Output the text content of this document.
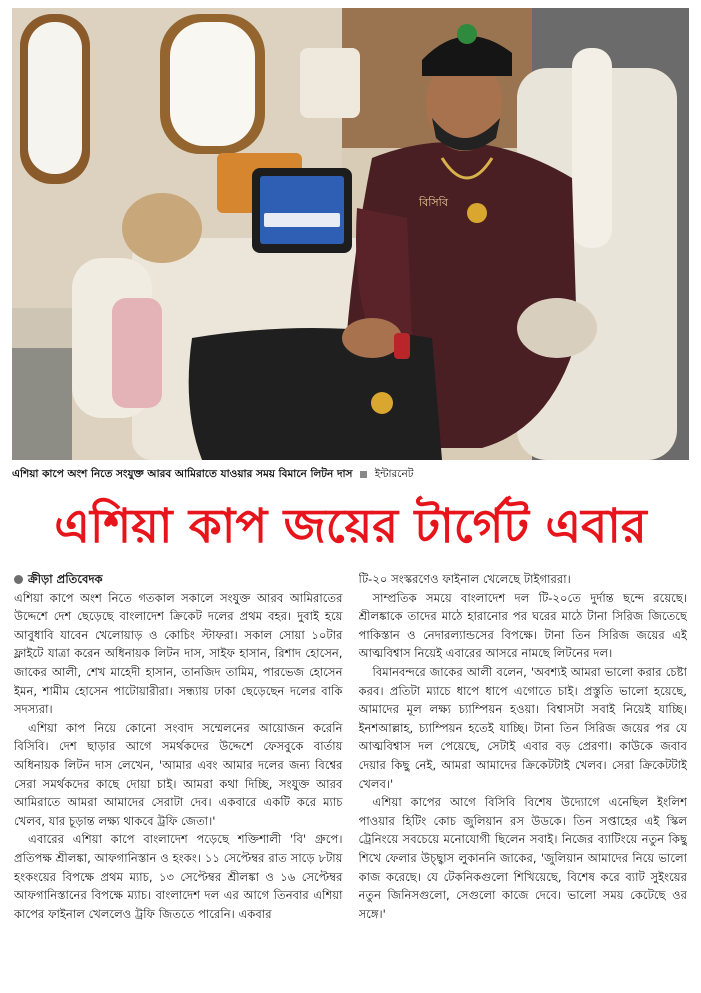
বিসিবি
এশিয়া কাপে অংশ নিতে সংযুক্ত আরব আমিরাতে যাওয়ার সময় বিমানে লিটন দাস ইন্টারনেট
এশিয়া কাপ জয়ের টার্গেট এবার
ক্রীড়া প্রতিবেদক

এশিয়া কাপে অংশ নিতে গতকাল সকালে সংযুক্ত আরব আমিরাতের উদ্দেশে দেশ ছেড়েছে বাংলাদেশ ক্রিকেট দলের প্রথম বহর। দুবাই হয়ে আবুধাবি যাবেন খেলোয়াড় ও কোচিং স্টাফরা। সকাল সোয়া ১০টার ফ্লাইটে যাত্রা করেন অধিনায়ক লিটন দাস, সাইফ হাসান, রিশাদ হোসেন, জাকের আলী, শেখ মাহেদী হাসান, তানজিদ তামিম, পারভেজ হোসেন ইমন, শামীম হোসেন পাটোয়ারীরা। সন্ধ্যায় ঢাকা ছেড়েছেন দলের বাকি সদস্যরা।

এশিয়া কাপ নিয়ে কোনো সংবাদ সম্মেলনের আয়োজন করেনি বিসিবি। দেশ ছাড়ার আগে সমর্থকদের উদ্দেশে ফেসবুকে বার্তায় অধিনায়ক লিটন দাস লেখেন, 'আমার এবং আমার দলের জন্য বিশ্বের সেরা সমর্থকদের কাছে দোয়া চাই। আমরা কথা দিচ্ছি, সংযুক্ত আরব আমিরাতে আমরা আমাদের সেরাটা দেব। একবারে একটি করে ম্যাচ খেলব, যার চূড়ান্ত লক্ষ্য থাকবে ট্রফি জেতা।'

এবারের এশিয়া কাপে বাংলাদেশ পড়েছে শক্তিশালী 'বি' গ্রুপে। প্রতিপক্ষ শ্রীলঙ্কা, আফগানিস্তান ও হংকং। ১১ সেপ্টেম্বর রাত সাড়ে ৮টায় হংকংয়ের বিপক্ষে প্রথম ম্যাচ, ১৩ সেপ্টেম্বর শ্রীলঙ্কা ও ১৬ সেপ্টেম্বর আফগানিস্তানের বিপক্ষে ম্যাচ। বাংলাদেশ দল এর আগে তিনবার এশিয়া কাপের ফাইনাল খেললেও ট্রফি জিততে পারেনি। একবার

টি-২০ সংস্করণেও ফাইনাল খেলেছে টাইগাররা।

সাম্প্রতিক সময়ে বাংলাদেশ দল টি-২০তে দুর্দান্ত ছন্দে রয়েছে। শ্রীলঙ্কাকে তাদের মাঠে হারানোর পর ঘরের মাঠে টানা সিরিজ জিতেছে পাকিস্তান ও নেদারল্যান্ডসের বিপক্ষে। টানা তিন সিরিজ জয়ের এই আত্মবিশ্বাস নিয়েই এবারের আসরে নামছে লিটনের দল।

বিমানবন্দরে জাকের আলী বলেন, 'অবশ্যই আমরা ভালো করার চেষ্টা করব। প্রতিটা ম্যাচে ধাপে ধাপে এগোতে চাই। প্রস্তুতি ভালো হয়েছে, আমাদের মূল লক্ষ্য চ্যাম্পিয়ন হওয়া। বিশ্বাসটা সবাই নিয়েই যাচ্ছি। ইনশআল্লাহ, চ্যাম্পিয়ন হতেই যাচ্ছি। টানা তিন সিরিজ জয়ের পর যে আত্মবিশ্বাস দল পেয়েছে, সেটাই এবার বড় প্রেরণা। কাউকে জবাব দেয়ার কিছু নেই, আমরা আমাদের ক্রিকেটটাই খেলব। সেরা ক্রিকেটটাই খেলব।'

এশিয়া কাপের আগে বিসিবি বিশেষ উদ্যোগে এনেছিল ইংলিশ পাওয়ার হিটিং কোচ জুলিয়ান রস উডকে। তিন সপ্তাহের এই স্কিল ট্রেনিংয়ে সবচেয়ে মনোযোগী ছিলেন সবাই। নিজের ব্যাটিংয়ে নতুন কিছু শিখে ফেলার উচ্ছ্বাস লুকাননি জাকের, 'জুলিয়ান আমাদের নিয়ে ভালো কাজ করেছে। যে টেকনিকগুলো শিখিয়েছে, বিশেষ করে ব্যাট সুইংয়ের নতুন জিনিসগুলো, সেগুলো কাজে দেবে। ভালো সময় কেটেছে ওর সঙ্গে।'
